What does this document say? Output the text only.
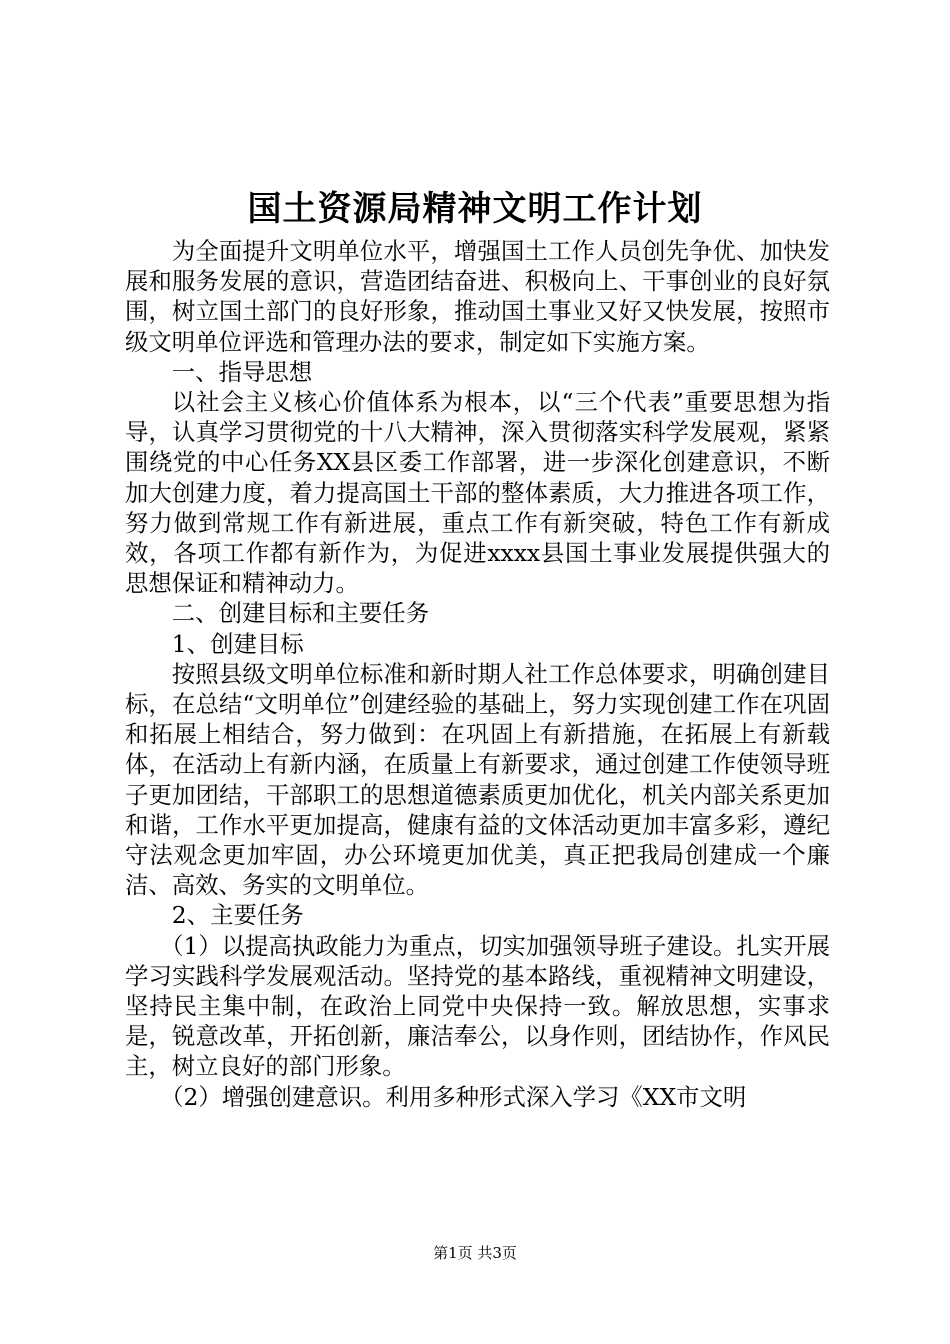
国土资源局精神文明工作计划

为全面提升文明单位水平，增强国土工作人员创先争优、加快发展和服务发展的意识，营造团结奋进、积极向上、干事创业的良好氛围，树立国土部门的良好形象，推动国土事业又好又快发展，按照市级文明单位评选和管理办法的要求，制定如下实施方案。

一、指导思想

以社会主义核心价值体系为根本，以“三个代表”重要思想为指导，认真学习贯彻党的十八大精神，深入贯彻落实科学发展观，紧紧围绕党的中心任务XX县区委工作部署，进一步深化创建意识，不断加大创建力度，着力提高国土干部的整体素质，大力推进各项工作，努力做到常规工作有新进展，重点工作有新突破，特色工作有新成效，各项工作都有新作为，为促进xxxx县国土事业发展提供强大的思想保证和精神动力。

二、创建目标和主要任务

1、创建目标

按照县级文明单位标准和新时期人社工作总体要求，明确创建目标，在总结“文明单位”创建经验的基础上，努力实现创建工作在巩固和拓展上相结合，努力做到：在巩固上有新措施，在拓展上有新载体，在活动上有新内涵，在质量上有新要求，通过创建工作使领导班子更加团结，干部职工的思想道德素质更加优化，机关内部关系更加和谐，工作水平更加提高，健康有益的文体活动更加丰富多彩，遵纪守法观念更加牢固，办公环境更加优美，真正把我局创建成一个廉洁、高效、务实的文明单位。

2、主要任务

（1）以提高执政能力为重点，切实加强领导班子建设。扎实开展学习实践科学发展观活动。坚持党的基本路线，重视精神文明建设，坚持民主集中制，在政治上同党中央保持一致。解放思想，实事求是，锐意改革，开拓创新，廉洁奉公，以身作则，团结协作，作风民主，树立良好的部门形象。

（2）增强创建意识。利用多种形式深入学习《XX市文明

第1页 共3页
